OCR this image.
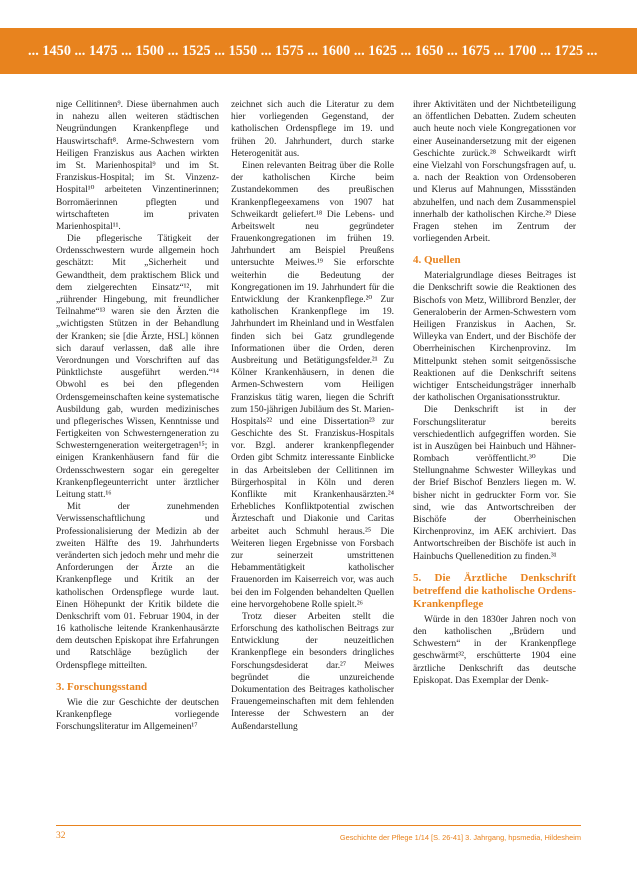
... 1450 ... 1475 ... 1500 ... 1525 ... 1550 ... 1575 ... 1600 ... 1625 ... 1650 ... 1675 ... 1700 ... 1725 ...

nige Cellitinnen⁹. Diese übernahmen auch in nahezu allen weiteren städtischen Neugründungen Krankenpflege und Hauswirtschaft⁸. Arme-Schwestern vom Heiligen Franziskus aus Aachen wirkten im St. Marienhospital⁹ und im St. Franziskus-Hospital; im St. Vinzenz-Hospital¹⁰ arbeiteten Vinzentinerinnen; Borromäerinnen pflegten und wirtschafteten im privaten Marienhospital¹¹.

Die pflegerische Tätigkeit der Ordensschwestern wurde allgemein hoch geschätzt: Mit „Sicherheit und Gewandtheit, dem praktischem Blick und dem zielgerechten Einsatz“¹², mit „rührender Hingebung, mit freundlicher Teilnahme“¹³ waren sie den Ärzten die „wichtigsten Stützen in der Behandlung der Kranken; sie [die Ärzte, HSL] können sich darauf verlassen, daß alle ihre Verordnungen und Vorschriften auf das Pünktlichste ausgeführt werden.“¹⁴ Obwohl es bei den pflegenden Ordensgemeinschaften keine systematische Ausbildung gab, wurden medizinisches und pflegerisches Wissen, Kenntnisse und Fertigkeiten von Schwesterngeneration zu Schwesterngeneration weitergetragen¹⁵; in einigen Krankenhäusern fand für die Ordensschwestern sogar ein geregelter Krankenpflegeunterricht unter ärztlicher Leitung statt.¹⁶

Mit der zunehmenden Verwissenschaftlichung und Professionalisierung der Medizin ab der zweiten Hälfte des 19. Jahrhunderts veränderten sich jedoch mehr und mehr die Anforderungen der Ärzte an die Krankenpflege und Kritik an der katholischen Ordenspflege wurde laut. Einen Höhepunkt der Kritik bildete die Denkschrift vom 01. Februar 1904, in der 16 katholische leitende Krankenhausärzte dem deutschen Episkopat ihre Erfahrungen und Ratschläge bezüglich der Ordenspflege mitteilten.

3. Forschungsstand

Wie die zur Geschichte der deutschen Krankenpflege vorliegende Forschungsliteratur im Allgemeinen¹⁷

zeichnet sich auch die Literatur zu dem hier vorliegenden Gegenstand, der katholischen Ordenspflege im 19. und frühen 20. Jahrhundert, durch starke Heterogenität aus.

Einen relevanten Beitrag über die Rolle der katholischen Kirche beim Zustandekommen des preußischen Krankenpflegeexamens von 1907 hat Schweikardt geliefert.¹⁸ Die Lebens- und Arbeitswelt neu gegründeter Frauenkongregationen im frühen 19. Jahrhundert am Beispiel Preußens untersuchte Meiwes.¹⁹ Sie erforschte weiterhin die Bedeutung der Kongregationen im 19. Jahrhundert für die Entwicklung der Krankenpflege.²⁰ Zur katholischen Krankenpflege im 19. Jahrhundert im Rheinland und in Westfalen finden sich bei Gatz grundlegende Informationen über die Orden, deren Ausbreitung und Betätigungsfelder.²¹ Zu Kölner Krankenhäusern, in denen die Armen-Schwestern vom Heiligen Franziskus tätig waren, liegen die Schrift zum 150-jährigen Jubiläum des St. Marien-Hospitals²² und eine Dissertation²³ zur Geschichte des St. Franziskus-Hospitals vor. Bzgl. anderer krankenpflegender Orden gibt Schmitz interessante Einblicke in das Arbeitsleben der Cellitinnen im Bürgerhospital in Köln und deren Konflikte mit Krankenhausärzten.²⁴ Erhebliches Konfliktpotential zwischen Ärzteschaft und Diakonie und Caritas arbeitet auch Schmuhl heraus.²⁵ Die Weiteren liegen Ergebnisse von Forsbach zur seinerzeit umstrittenen Hebammentätigkeit katholischer Frauenorden im Kaiserreich vor, was auch bei den im Folgenden behandelten Quellen eine hervorgehobene Rolle spielt.²⁶

Trotz dieser Arbeiten stellt die Erforschung des katholischen Beitrags zur Entwicklung der neuzeitlichen Krankenpflege ein besonders dringliches Forschungsdesiderat dar.²⁷ Meiwes begründet die unzureichende Dokumentation des Beitrages katholischer Frauengemeinschaften mit dem fehlenden Interesse der Schwestern an der Außendarstellung

ihrer Aktivitäten und der Nichtbeteiligung an öffentlichen Debatten. Zudem scheuten auch heute noch viele Kongregationen vor einer Auseinandersetzung mit der eigenen Geschichte zurück.²⁸ Schweikardt wirft eine Vielzahl von Forschungsfragen auf, u. a. nach der Reaktion von Ordensoberen und Klerus auf Mahnungen, Missständen abzuhelfen, und nach dem Zusammenspiel innerhalb der katholischen Kirche.²⁹ Diese Fragen stehen im Zentrum der vorliegenden Arbeit.

4. Quellen

Materialgrundlage dieses Beitrages ist die Denkschrift sowie die Reaktionen des Bischofs von Metz, Willibrord Benzler, der Generaloberin der Armen-Schwestern vom Heiligen Franziskus in Aachen, Sr. Willeyka van Endert, und der Bischöfe der Oberrheinischen Kirchenprovinz. Im Mittelpunkt stehen somit seitgenössische Reaktionen auf die Denkschrift seitens wichtiger Entscheidungsträger innerhalb der katholischen Organisationsstruktur.

Die Denkschrift ist in der Forschungsliteratur bereits verschiedentlich aufgegriffen worden. Sie ist in Auszügen bei Hainbuch und Hähner-Rombach veröffentlicht.³⁰ Die Stellungnahme Schwester Willeykas und der Brief Bischof Benzlers liegen m. W. bisher nicht in gedruckter Form vor. Sie sind, wie das Antwortschreiben der Bischöfe der Oberrheinischen Kirchenprovinz, im AEK archiviert. Das Antwortschreiben der Bischöfe ist auch in Hainbuchs Quellenedition zu finden.³¹

5. Die Ärztliche Denkschrift betreffend die katholische Ordens-Krankenpflege

Würde in den 1830er Jahren noch von den katholischen „Brüdern und Schwestern“ in der Krankenpflege geschwärmt³², erschütterte 1904 eine ärztliche Denkschrift das deutsche Episkopat. Das Exemplar der Denk-

32	Geschichte der Pflege 1/14 [S. 26-41] 3. Jahrgang, hpsmedia, Hildesheim
